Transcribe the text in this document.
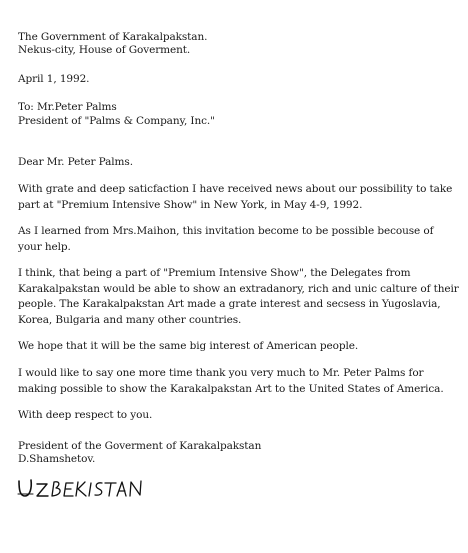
The Government of Karakalpakstan.
Nekus-city, House of Goverment.
April 1, 1992.
To: Mr.Peter Palms
President of "Palms & Company, Inc."
Dear Mr. Peter Palms.
With grate and deep saticfaction I have received news about our possibility to take
part at "Premium Intensive Show" in New York, in May 4-9, 1992.
As I learned from Mrs.Maihon, this invitation become to be possible becouse of
your help.
I think, that being a part of "Premium Intensive Show", the Delegates from
Karakalpakstan would be able to show an extradanory, rich and unic calture of their
people. The Karakalpakstan Art made a grate interest and secsess in Yugoslavia,
Korea, Bulgaria and many other countries.
We hope that it will be the same big interest of American people.
I would like to say one more time thank you very much to Mr. Peter Palms for
making possible to show the Karakalpakstan Art to the United States of America.
With deep respect to you.
President of the Goverment of Karakalpakstan
D.Shamshetov.
